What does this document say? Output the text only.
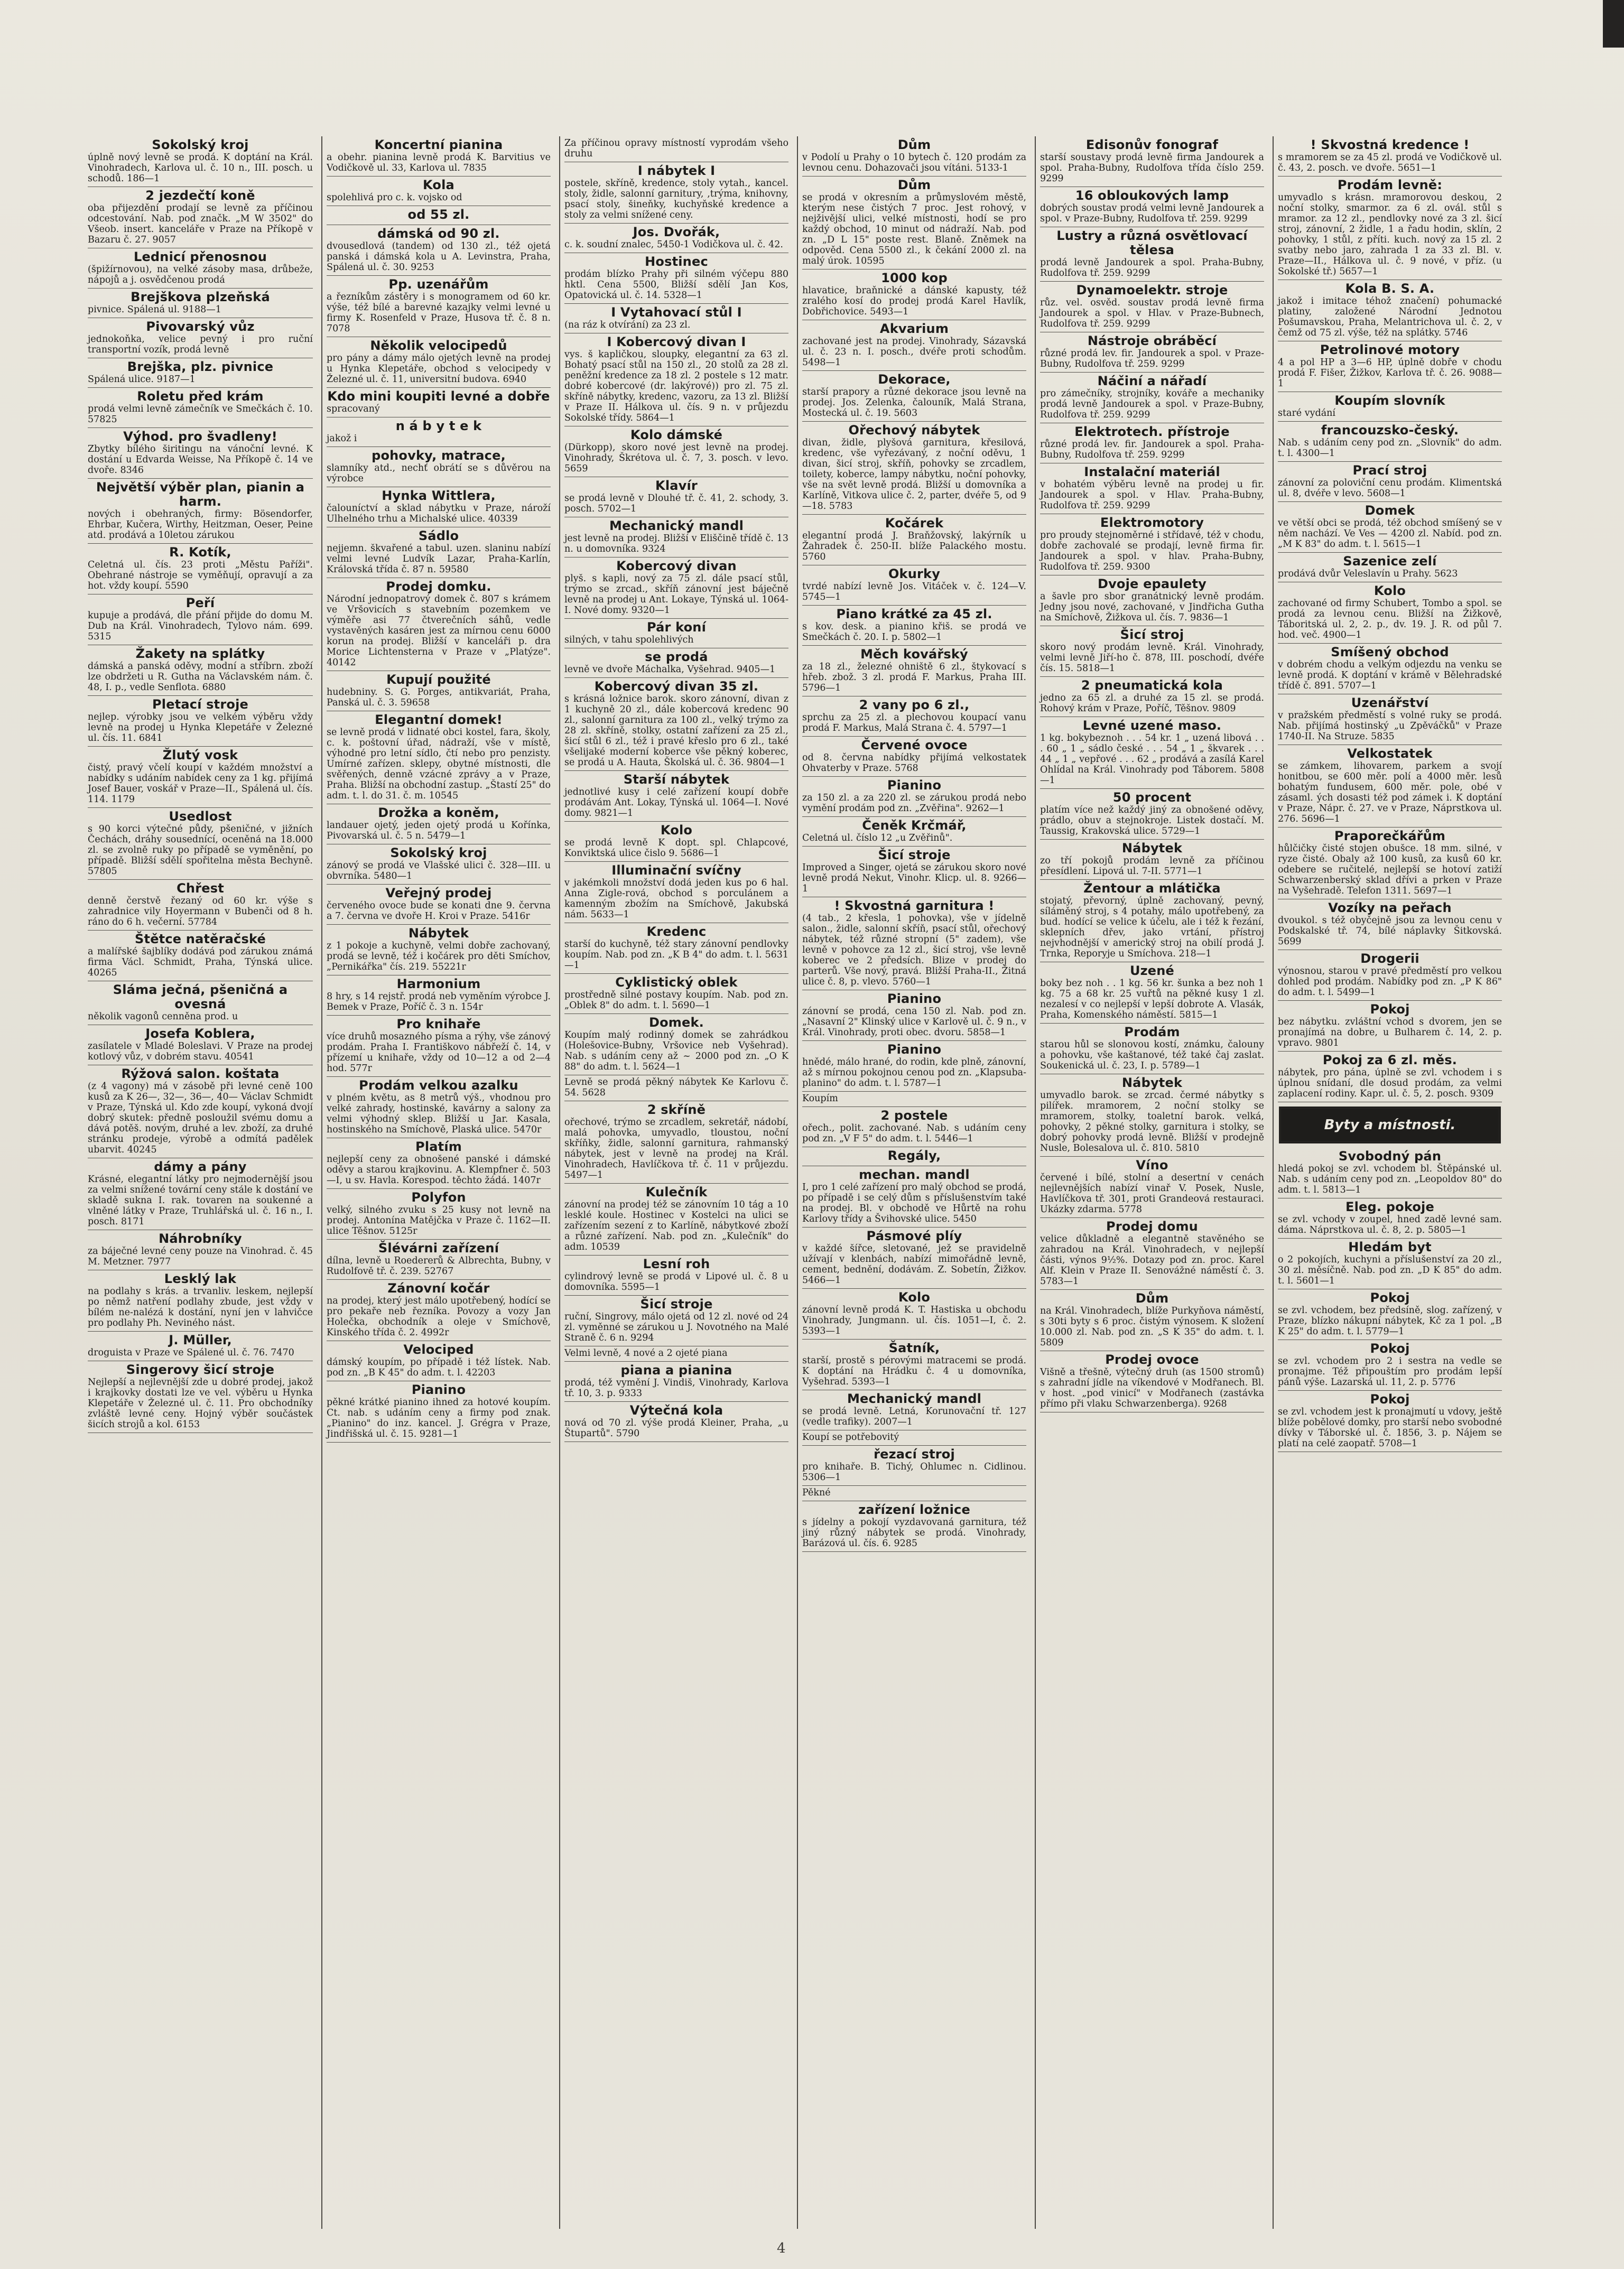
Sokolský kroj
úplně nový levně se prodá. K doptání na Král. Vinohradech, Karlova ul. č. 10 n., III. posch. u schodů. 186—1
2 jezdečtí koně
oba přijezdění prodají se levně za příčinou odcestování. Nab. pod značk. „M W 3502" do Všeob. insert. kanceláře v Praze na Příkopě v Bazaru č. 27. 9057
Lednicí přenosnou
(špižírnovou), na velké zásoby masa, drůbeže, nápojů a j. osvědčenou prodá
Brejškova plzeňská
pivnice. Spálená ul. 9188—1
Pivovarský vůz
jednokoňka, velice pevný i pro ruční transportní vozík, prodá levně
Brejška, plz. pivnice
Spálená ulice. 9187—1
Roletu před krám
prodá velmi levně zámečník ve Smečkách č. 10. 57825
Výhod. pro švadleny!
Zbytky bílého širitingu na vánoční levné. K dostání u Edvarda Weisse, Na Příkopě č. 14 ve dvoře. 8346
Největší výběr plan, pianin a harm.
nových i obehraných, firmy: Bösendorfer, Ehrbar, Kučera, Wirthy, Heitzman, Oeser, Peine atd. prodává a 10letou zárukou
R. Kotík,
Celetná ul. čís. 23 proti „Městu Paříži". Obehrané nástroje se vyměňují, opravují a za hot. vždy koupí. 5590
Peří
kupuje a prodává, dle přání přijde do domu M. Dub na Král. Vinohradech, Tylovo nám. 699. 5315
Žakety na splátky
dámská a panská oděvy, modní a stříbrn. zboží lze obdržeti u R. Gutha na Václavském nám. č. 48, I. p., vedle Senflota. 6880
Pletací stroje
nejlep. výrobky jsou ve velkém výběru vždy levně na prodej u Hynka Klepetáře v Železné ul. čís. 11. 6841
Žlutý vosk
čistý, pravý včelí koupí v každém množství a nabídky s udáním nabídek ceny za 1 kg. přijímá Josef Bauer, voskář v Praze—II., Spálená ul. čís. 114. 1179
Usedlost
s 90 korci výtečné půdy, pšeničné, v jižních Čechách, dráhy sousednící, oceněná na 18.000 zl. se zvolně ruky po případě se vyměnění, po případě. Bližší sdělí spořitelna města Bechyně. 57805
Chřest
denně čerstvě řezaný od 60 kr. výše s zahradnice vily Hoyermann v Bubenči od 8 h. ráno do 6 h. večerní. 57784
Štětce natěračské
a malířské šajblíky dodává pod zárukou známá firma Václ. Schmidt, Praha, Týnská ulice. 40265
Sláma ječná, pšeničná a ovesná
několik vagonů cenněna prod. u
Josefa Koblera,
zasílatele v Mladé Boleslavi. V Praze na prodej kotlový vůz, v dobrém stavu. 40541
Rýžová salon. koštata
(z 4 vagony) má v zásobě při levné ceně 100 kusů za K 26—, 32—, 36—, 40— Václav Schmidt v Praze, Týnská ul. Kdo zde koupí, vykoná dvojí dobrý skutek: předně posloužil svému domu a dává potěš. novým, druhé a lev. zboží, za druhé stránku prodeje, výrobě a odmítá padělek ubarvit. 40245
dámy a pány
Krásné, elegantní látky pro nejmodernější jsou za velmi snížené tovární ceny stále k dostání ve skladě sukna I. rak. tovaren na soukenné a vlněné látky v Praze, Truhlářská ul. č. 16 n., I. posch. 8171
Náhrobníky
za báječné levné ceny pouze na Vinohrad. č. 45 M. Metzner. 7977
Lesklý lak
na podlahy s krás. a trvanliv. leskem, nejlepší po němž natření podlahy zbude, jest vždy v bílém ne-nalézá k dostání, nyní jen v lahvičce pro podlahy Ph. Neviného nást.
J. Müller,
droguista v Praze ve Spálené ul. č. 76. 7470
Singerovy šicí stroje
Nejlepší a nejlevnější zde u dobré prodej, jakož i krajkovky dostati lze ve vel. výběru u Hynka Klepetáře v Železné ul. č. 11. Pro obchodníky zvláště levné ceny. Hojný výběr součástek šicích strojů a kol. 6153
Koncertní pianina
a obehr. pianina levně prodá K. Barvitius ve Vodičkově ul. 33, Karlova ul. 7835
Kola
spolehlivá pro c. k. vojsko od
od 55 zl.
dámská od 90 zl.
dvousedlová (tandem) od 130 zl., též ojetá panská i dámská kola u A. Levinstra, Praha, Spálená ul. č. 30. 9253
Pp. uzenářům
a řezníkům zástěry i s monogramem od 60 kr. výše, též bílé a barevné kazajky velmi levné u firmy K. Rosenfeld v Praze, Husova tř. č. 8 n. 7078
Několik velocipedů
pro pány a dámy málo ojetých levně na prodej u Hynka Klepetáře, obchod s velocipedy v Železné ul. č. 11, universitní budova. 6940
Kdo mini koupiti levné a dobře
spracovaný
n á b y t e k
jakož i
pohovky, matrace,
slamníky atd., nechť obrátí se s důvěrou na výrobce
Hynka Wittlera,
čalouníctví a sklad nábytku v Praze, nároží Ulhelného trhu a Michalské ulice. 40339
Sádlo
nejjemn. škvařené a tabul. uzen. slaninu nabízí velmi levné Ludvík Lazar, Praha-Karlín, Královská třída č. 87 n. 59580
Prodej domku.
Národní jednopatrový domek č. 807 s krámem ve Vršovicích s stavebním pozemkem ve výměře asi 77 čtverečních sáhů, vedle vystavěných kasáren jest za mírnou cenu 6000 korun na prodej. Bližší v kanceláři p. dra Morice Lichtensterna v Praze v „Platýze". 40142
Kupují použité
hudebniny. S. G. Porges, antikvariát, Praha, Panská ul. č. 3. 59658
Elegantní domek!
se levně prodá v lidnaté obci kostel, fara, školy, c. k. poštovní úřad, nádraží, vše v místě, výhodné pro letní sídlo, čtí nebo pro penzisty. Umírné zařízen. sklepy, obytné místnosti, dle svěřených, denně vzácné zprávy a v Praze, Praha. Bližší na obchodní zastup. „Štastí 25" do adm. t. l. do 31. č. m. 10545
Drožka a koněm,
landauer ojetý, jeden ojetý prodá u Kořínka, Pivovarská ul. č. 5 n. 5479—1
Sokolský kroj
zánový se prodá ve Vlašské ulici č. 328—III. u obvrníka. 5480—1
Veřejný prodej
červeného ovoce bude se konati dne 9. června a 7. června ve dvoře H. Kroi v Praze. 5416r
Nábytek
z 1 pokoje a kuchyně, velmi dobře zachovaný, prodá se levně, též i kočárek pro děti Smíchov, „Pernikářka" čís. 219. 55221r
Harmonium
8 hry, s 14 rejstř. prodá neb vyměním výrobce J. Bemek v Praze, Poříč č. 3 n. 154r
Pro knihaře
více druhů mosazného písma a rýhy, vše zánový prodám. Praha I. Františkovo nábřeží č. 14, v přízemí u knihaře, vždy od 10—12 a od 2—4 hod. 577r
Prodám velkou azalku
v plném květu, as 8 metrů výš., vhodnou pro velké zahrady, hostinské, kavárny a salony za velmi výhodný sklep. Bližší u Jar. Kasala, hostinského na Smíchově, Plaská ulice. 5470r
Platím
nejlepší ceny za obnošené panské i dámské oděvy a starou krajkovinu. A. Klempfner č. 503—I, u sv. Havla. Korespod. těchto žádá. 1407r
Polyfon
velký, silného zvuku s 25 kusy not levně na prodej. Antonína Matějčka v Praze č. 1162—II. ulice Těšnov. 5125r
Šlévárni zařízení
dílna, levně u Roedererů & Albrechta, Bubny, v Rudolfově tř. č. 239. 52767
Zánovní kočár
na prodej, který jest málo upotřebený, hodící se pro pekaře neb řezníka. Povozy a vozy Jan Holečka, obchodník a oleje v Smíchově, Kinského třída č. 2. 4992r
Velociped
dámský koupím, po případě i též lístek. Nab. pod zn. „B K 45" do adm. t. l. 42203
Pianino
pěkné krátké pianino ihned za hotové koupím. Ct. nab. s udáním ceny a firmy pod znak. „Pianino" do inz. kancel. J. Grégra v Praze, Jindřišská ul. č. 15. 9281—1
Za příčinou opravy místností vyprodám všeho druhu
I nábytek I
postele, skříně, kredence, stoly vytah., kancel. stoly, židle, salonní garnitury, ,trýma, knihovny, psací stoly, šineňky, kuchyňské kredence a stoly za velmi snížené ceny.
Jos. Dvořák,
c. k. soudní znalec, 5450-1 Vodičkova ul. č. 42.
Hostinec
prodám blízko Prahy při silném výčepu 880 hktl. Cena 5500, Bližší sdělí Jan Kos, Opatovická ul. č. 14. 5328—1
I Vytahovací stůl I
(na ráz k otvírání) za 23 zl.
I Kobercový divan I
vys. š kapličkou, sloupky, elegantní za 63 zl. Bohatý psací stůl na 150 zl., 20 stolů za 28 zl. peněžní kredence za 18 zl. 2 postele s 12 matr. dobré kobercové (dr. lakýrové)) pro zl. 75 zl. skříně nábytky, kredenc, vazoru, za 13 zl. Bližší v Praze II. Hálkova ul. čís. 9 n. v průjezdu Sokolské třídy. 5864—1
Kolo dámské
(Dürkopp), skoro nové jest levně na prodej. Vinohrady, Škrétova ul. č. 7, 3. posch. v levo. 5659
Klavír
se prodá levně v Dlouhé tř. č. 41, 2. schody, 3. posch. 5702—1
Mechanický mandl
jest levně na prodej. Bližší v Eliščině třídě č. 13 n. u domovníka. 9324
Kobercový divan
plyš. s kapli, nový za 75 zl. dále psací stůl, trýmo se zrcad., skříň zánovní jest báječně levně na prodej u Ant. Lokaye, Týnská ul. 1064-I. Nové domy. 9320—1
Pár koní
silných, v tahu spolehlivých
se prodá
levně ve dvoře Máchalka, Vyšehrad. 9405—1
Kobercový divan 35 zl.
s krásná ložnice barok. skoro zánovní, divan z 1 kuchyně 20 zl., dále kobercová kredenc 90 zl., salonní garnitura za 100 zl., velký trýmo za 28 zl. skříně, stolky, ostatní zařízení za 25 zl., šicí stůl 6 zl., též i pravé křeslo pro 6 zl., také všelijaké moderní koberce vše pěkný koberec, se prodá u A. Hauta, Školská ul. č. 36. 9804—1
Starší nábytek
jednotlivé kusy i celé zařízení koupí dobře prodávám Ant. Lokay, Týnská ul. 1064—I. Nové domy. 9821—1
Kolo
se prodá levně K dopt. spl. Chlapcové, Konviktská ulice čislo 9. 5686—1
Illuminační svíčny
v jakémkoli množství dodá jeden kus po 6 hal. Anna Zigle-rová, obchod s porculánem a kamenným zbožím na Smíchově, Jakubská nám. 5633—1
Kredenc
starší do kuchyně, též stary zánovní pendlovky koupím. Nab. pod zn. „K B 4" do adm. t. l. 5631—1
Cyklistický oblek
prostředně silné postavy koupím. Nab. pod zn. „Oblek 8" do adm. t. l. 5690—1
Domek.
Koupím malý rodinný domek se zahrádkou (Holešovice-Bubny, Vršovice neb Vyšehrad). Nab. s udáním ceny až ~ 2000 pod zn. „O K 88" do adm. t. l. 5624—1
Levně se prodá pěkný nábytek Ke Karlovu č. 54. 5628
2 skříně
ořechové, trýmo se zrcadlem, sekretář, nádobí, malá pohovka, umyvadlo, tloustou, noční skříňky, židle, salonní garnitura, rahmanský nábytek, jest v levně na prodej na Král. Vinohradech, Havlíčkova tř. č. 11 v průjezdu. 5497—1
Kulečník
zánovní na prodej též se zánovním 10 tág a 10 lesklé koule. Hostinec v Kostelci na ulici se zařízením sezení z to Karlíně, nábytkové zboží a různé zařízení. Nab. pod zn. „Kulečník" do adm. 10539
Lesní roh
cylindrový levně se prodá v Lipové ul. č. 8 u domovníka. 5595—1
Šicí stroje
ruční, Singrovy, málo ojetá od 12 zl. nové od 24 zl. vyměnné se zárukou u J. Novotného na Malé Straně č. 6 n. 9294
Velmi levně, 4 nové a 2 ojeté piana
piana a pianina
prodá, též vymění J. Vindiš, Vinohrady, Karlova tř. 10, 3. p. 9333
Výtečná kola
nová od 70 zl. výše prodá Kleiner, Praha, „u Štupartů". 5790
Dům
v Podolí u Prahy o 10 bytech č. 120 prodám za levnou cenu. Dohazovači jsou vítáni. 5133-1
Dům
se prodá v okresním a průmyslovém městě, kterým nese čistých 7 proc. Jest rohový, v nejživější ulici, velké místnosti, hodí se pro každý obchod, 10 minut od nádraží. Nab. pod zn. „D L 15" poste rest. Blaně. Zněmek na odpověd. Cena 5500 zl., k čekání 2000 zl. na malý úrok. 10595
1000 kop
hlavatice, braňnické a dánské kapusty, též zralého kosí do prodej prodá Karel Havlík, Dobřichovice. 5493—1
Akvarium
zachované jest na prodej. Vinohrady, Sázavská ul. č. 23 n. I. posch., dvéře proti schodům. 5498—1
Dekorace,
starší prapory a různé dekorace jsou levně na prodej. Jos. Zelenka, čalouník, Malá Strana, Mostecká ul. č. 19. 5603
Ořechový nábytek
divan, židle, plyšová garnitura, křesilová, kredenc, vše vyřezávaný, z noční oděvu, 1 divan, šicí stroj, skříň, pohovky se zrcadlem, toilety, koberce, lampy nábytku, noční pohovky, vše na svět levně prodá. Bližší u domovníka a Karlíně, Vitkova ulice č. 2, parter, dvéře 5, od 9—18. 5783
Kočárek
elegantní prodá J. Braňžovský, lakýrník u Žahradek č. 250-II. blíže Palackého mostu. 5760
Okurky
tvrdé nabízí levně Jos. Vitáček v. č. 124—V. 5745—1
Piano krátké za 45 zl.
s kov. desk. a pianino křiš. se prodá ve Smečkách č. 20. I. p. 5802—1
Měch kovářský
za 18 zl., železné ohniště 6 zl., štykovací s hřeb. zbož. 3 zl. prodá F. Markus, Praha III. 5796—1
2 vany po 6 zl.,
sprchu za 25 zl. a plechovou koupací vanu prodá F. Markus, Malá Strana č. 4. 5797—1
Červené ovoce
od 8. června nabídky přijímá velkostatek Ohvaterby v Praze. 5768
Pianino
za 150 zl. a za 220 zl. se zárukou prodá nebo vymění prodám pod zn. „Zvěřina". 9262—1
Čeněk Krčmář,
Celetná ul. číslo 12 „u Zvěřinů".
Šicí stroje
Improved a Singer, ojetá se zárukou skoro nové levně prodá Nekut, Vinohr. Klicp. ul. 8. 9266—1
! Skvostná garnitura !
(4 tab., 2 křesla, 1 pohovka), vše v jídelně salon., židle, salonní skříň, psací stůl, ořechový nábytek, též různé stropní (5" zadem), vše levně v pohovce za 12 zl., šicí stroj, vše levně koberec ve 2 předsích. Blize v prodej do parterů. Vše nový, pravá. Bližší Praha-II., Žitná ulice č. 8, p. vlevo. 5760—1
Pianino
zánovní se prodá, cena 150 zl. Nab. pod zn. „Nasavní 2" Klinský ulice v Karlově ul. č. 9 n., v Král. Vinohrady, proti obec. dvoru. 5858—1
Pianino
hnědé, málo hrané, do rodin, kde plně, zánovní, až s mírnou pokojnou cenou pod zn. „Klapsuba-planino" do adm. t. l. 5787—1
Koupím
2 postele
ořech., polit. zachované. Nab. s udáním ceny pod zn. „V F 5" do adm. t. l. 5446—1
Regály,
mechan. mandl
I, pro 1 celé zařízení pro malý obchod se prodá, po případě i se celý dům s příslušenstvím také na prodej. Bl. v obchodě ve Hůrtě na rohu Karlovy třídy a Švihovské ulice. 5450
Pásmové plíy
v každé šířce, sletované, jež se pravidelně užívají v klenbách, nabízí mimořádně levně, cement, bednění, dodávám. Z. Sobetín, Žižkov. 5466—1
Kolo
zánovní levně prodá K. T. Hastiska u obchodu Vinohrady, Jungmann. ul. čís. 1051—I, č. 2. 5393—1
Šatník,
starší, prostě s pérovými matracemi se prodá. K doptání na Hrádku č. 4 u domovníka, Vyšehrad. 5393—1
Mechanický mandl
se prodá levně. Letná, Korunovační tř. 127 (vedle trafiky). 2007—1
Koupí se potřebovitý
řezací stroj
pro knihaře. B. Tichý, Ohlumec n. Cidlinou. 5306—1
Pěkné
zařízení ložnice
s jídelny a pokojí vyzdavovaná garnitura, též jiný různý nábytek se prodá. Vinohrady, Barázová ul. čís. 6. 9285
Edisonův fonograf
starší soustavy prodá levně firma Jandourek a spol. Praha-Bubny, Rudolfova třída číslo 259. 9299
16 obloukových lamp
dobrých soustav prodá velmi levně Jandourek a spol. v Praze-Bubny, Rudolfova tř. 259. 9299
Lustry a různá osvětlovací tělesa
prodá levně Jandourek a spol. Praha-Bubny, Rudolfova tř. 259. 9299
Dynamoelektr. stroje
růz. vel. osvěd. soustav prodá levně firma Jandourek a spol. v Hlav. v Praze-Bubnech, Rudolfova tř. 259. 9299
Nástroje obráběcí
různé prodá lev. fir. Jandourek a spol. v Praze-Bubny, Rudolfova tř. 259. 9299
Náčiní a nářadí
pro zámečníky, strojníky, kováře a mechaniky prodá levně Jandourek a spol. v Praze-Bubny, Rudolfova tř. 259. 9299
Elektrotech. přístroje
různé prodá lev. fir. Jandourek a spol. Praha-Bubny, Rudolfova tř. 259. 9299
Instalační materiál
v bohatém výběru levně na prodej u fir. Jandourek a spol. v Hlav. Praha-Bubny, Rudolfova tř. 259. 9299
Elektromotory
pro proudy stejnoměrné i střídavé, též v chodu, dobře zachovalé se prodají, levně firma fir. Jandourek a spol. v hlav. Praha-Bubny, Rudolfova tř. 259. 9300
Dvoje epaulety
a šavle pro sbor granátnický levně prodám. Jedny jsou nové, zachované, v Jindřicha Gutha na Smíchově, Žižkova ul. čís. 7. 9836—1
Šicí stroj
skoro nový prodám levně. Král. Vinohrady, velmi levně Jiří-ho č. 878, III. poschodí, dvéře čís. 15. 5818—1
2 pneumatická kola
jedno za 65 zl. a druhé za 15 zl. se prodá. Rohový krám v Praze, Poříč, Těšnov. 9809
Levné uzené maso.
1 kg. bokybeznoh . . . 54 kr. 1 „ uzená libová . . . 60 „ 1 „ sádlo české . . . 54 „ 1 „ škvarek . . . 44 „ 1 „ vepřové . . . 62 „ prodává a zasílá Karel Ohlídal na Král. Vinohrady pod Táborem. 5808—1
50 procent
platím více než každý jiný za obnošené oděvy, prádlo, obuv a stejnokroje. Listek dostačí. M. Taussig, Krakovská ulice. 5729—1
Nábytek
zo tří pokojů prodám levně za příčinou přesídlení. Lipová ul. 7-II. 5771—1
Žentour a mlátička
stojatý, převorný, úplně zachovaný, pevný, síláměný stroj, s 4 potahy, málo upotřebený, za bud. hodící se velice k účelu, ale i též k řezání, sklepních dřev, jako vrtání, přístroj nejvhodnější v americký stroj na obilí prodá J. Trnka, Reporyje u Smíchova. 218—1
Uzené
boky bez noh . . 1 kg. 56 kr. šunka a bez noh 1 kg. 75 a 68 kr. 25 vuřtů na pěkné kusy 1 zl. nezalesí v co nejlepší v lepší dobrote A. Vlasák, Praha, Komenského náměstí. 5815—1
Prodám
starou hůl se slonovou kostí, známku, čalouny a pohovku, vše kaštanové, též také čaj zaslat. Soukenická ul. č. 23, I. p. 5789—1
Nábytek
umyvadlo barok. se zrcad. čermé nábytky s pilířek. mramorem, 2 noční stolky se mramorem, stolky, toaletní barok. velká, pohovky, 2 pěkné stolky, garnitura i stolky, se dobrý pohovky prodá levně. Bližší v prodejně Nusle, Bolesalova ul. č. 810. 5810
Víno
červené i bílé, stolní a desertní v cenách nejlevnějších nabízí vinař V. Posek, Nusle, Havlíčkova tř. 301, proti Grandeová restauraci. Ukázky zdarma. 5778
Prodej domu
velice důkladně a elegantně stavěného se zahradou na Král. Vinohradech, v nejlepší části, výnos 9½%. Dotazy pod zn. proc. Karel Alf. Klein v Praze II. Senovážné náměstí č. 3. 5783—1
Dům
na Král. Vinohradech, blíže Purkyňova náměstí, s 30ti byty s 6 proc. čistým výnosem. K složení 10.000 zl. Nab. pod zn. „S K 35" do adm. t. l. 5809
Prodej ovoce
Višně a třešně, výtečný druh (as 1500 stromů) s zahradní jídle na víkendové v Modřanech. Bl. v host. „pod vinicí" v Modřanech (zastávka přímo při vlaku Schwarzenberga). 9268
! Skvostná kredence !
s mramorem se za 45 zl. prodá ve Vodičkově ul. č. 43, 2. posch. ve dvoře. 5651—1
Prodám levně:
umyvadlo s krásn. mramorovou deskou, 2 noční stolky, smarmor. za 6 zl. ovál. stůl s mramor. za 12 zl., pendlovky nové za 3 zl. šicí stroj, zánovní, 2 židle, 1 a řadu hodin, sklín, 2 pohovky, 1 stůl, z příti. kuch. nový za 15 zl. 2 svatby nebo jaro, zahrada 1 za 33 zl. Bl. v. Praze—II., Hálkova ul. č. 9 nové, v příz. (u Sokolské tř.) 5657—1
Kola B. S. A.
jakož i imitace téhož značení) pohumacké platiny, založené Národní Jednotou Pošumavskou, Praha, Melantrichova ul. č. 2, v čemž od 75 zl. výše, též na splátky. 5746
Petrolinové motory
4 a pol HP a 3—6 HP, úplně dobře v chodu prodá F. Fišer, Žižkov, Karlova tř. č. 26. 9088—1
Koupím slovník
staré vydání
francouzsko-český.
Nab. s udáním ceny pod zn. „Slovník" do adm. t. l. 4300—1
Prací stroj
zánovní za poloviční cenu prodám. Klimentská ul. 8, dvéře v levo. 5608—1
Domek
ve větší obci se prodá, též obchod smíšený se v něm nachází. Ve Ves — 4200 zl. Nabíd. pod zn. „M K 83" do adm. t. l. 5615—1
Sazenice zelí
prodává dvůr Veleslavín u Prahy. 5623
Kolo
zachované od firmy Schubert, Tombo a spol. se prodá za levnou cenu. Bližší na Žižkově, Táboritská ul. 2, 2. p., dv. 19. J. R. od půl 7. hod. več. 4900—1
Smíšený obchod
v dobrém chodu a velkým odjezdu na venku se levně prodá. K doptání v krámě v Bělehradské třídě č. 891. 5707—1
Uzenářství
v pražském předměstí s volné ruky se prodá. Nab. přijímá hostinský „u Zpěváčků" v Praze 1740-II. Na Struze. 5835
Velkostatek
se zámkem, lihovarem, parkem a svojí honitbou, se 600 měr. polí a 4000 měr. lesů bohatým fundusem, 600 měr. pole, obé v zásaml. ých dosasti též pod zámek i. K doptání v Praze, Nápr. č. 27. ve v Praze, Náprstkova ul. 276. 5696—1
Praporečkářům
hůlčičky čisté stojen obušce. 18 mm. silné, v ryze čisté. Obaly až 100 kusů, za kusů 60 kr. odebere se ručitelé, nejlepší se hotoví zatiží Schwarzenberský sklad dřívi a prken v Praze na Vyšehradě. Telefon 1311. 5697—1
Vozíky na peřach
dvoukol. s též obyčejně jsou za levnou cenu v Podskalské tř. 74, bílé náplavky Šitkovská. 5699
Drogerii
výnosnou, starou v pravé předměstí pro velkou dohled pod prodám. Nabídky pod zn. „P K 86" do adm. t. l. 5499—1
Pokoj
bez nábytku. zvláštní vchod s dvorem, jen se pronajímá na dobre, u Bulharem č. 14, 2. p. vpravo. 9801
Pokoj za 6 zl. měs.
nábytek, pro pána, úplně se zvl. vchodem i s úplnou snídaní, dle dosud prodám, za velmi zaplacení rodiny. Kapr. ul. č. 5, 2. posch. 9309
Byty a místnosti.
Svobodný pán
hledá pokoj se zvl. vchodem bl. Štěpánské ul. Nab. s udáním ceny pod zn. „Leopoldov 80" do adm. t. l. 5813—1
Eleg. pokoje
se zvl. vchody v zoupel, hned zadě levné sam. dáma. Náprstkova ul. č. 8, 2. p. 5805—1
Hledám byt
o 2 pokojích, kuchyni a příslušenství za 20 zl., 30 zl. měsíčně. Nab. pod zn. „D K 85" do adm. t. l. 5601—1
Pokoj
se zvl. vchodem, bez předsíně, slog. zařízený, v Praze, blízko nákupní nábytek, Kč za 1 pol. „B K 25" do adm. t. l. 5779—1
Pokoj
se zvl. vchodem pro 2 i sestra na vedle se pronajme. Též připouštím pro prodám lepší pánů výše. Lazarská ul. 11, 2. p. 5776
Pokoj
se zvl. vchodem jest k pronajmutí u vdovy, ještě blíže pobělové domky, pro starší nebo svobodné dívky v Táborské ul. č. 1856, 3. p. Nájem se platí na celé zaopatř. 5708—1
4
